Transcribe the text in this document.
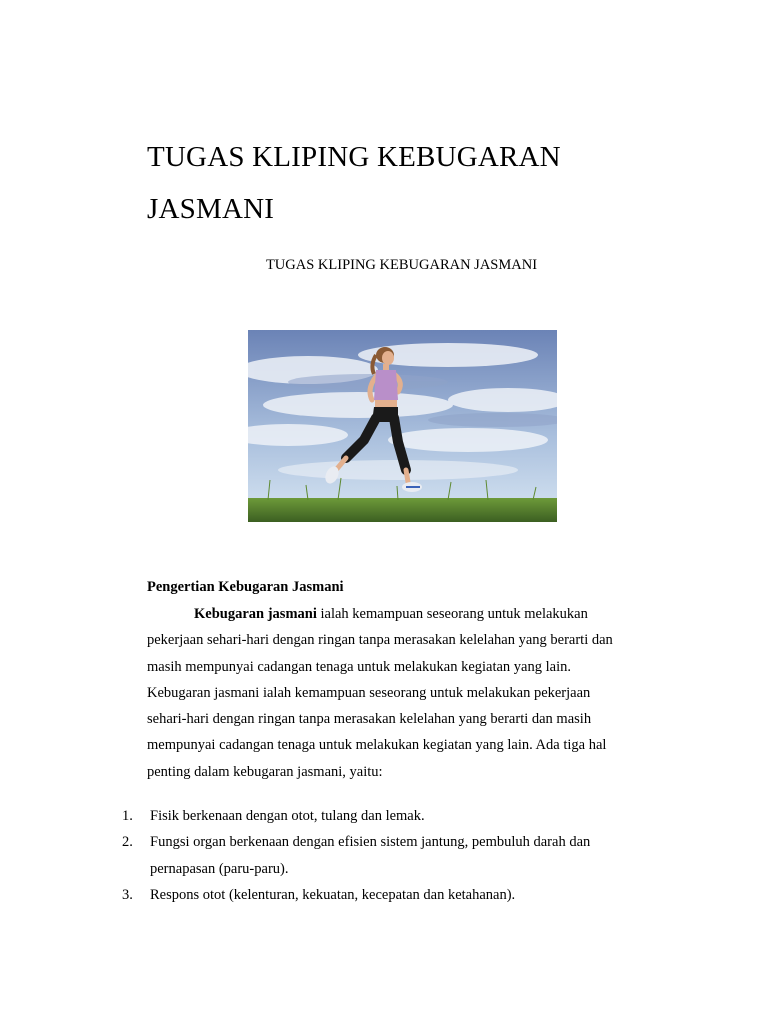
TUGAS KLIPING KEBUGARAN
JASMANI
TUGAS KLIPING KEBUGARAN JASMANI
Pengertian Kebugaran Jasmani
Kebugaran jasmani ialah kemampuan seseorang untuk melakukan
pekerjaan sehari-hari dengan ringan tanpa merasakan kelelahan yang berarti dan
masih mempunyai cadangan tenaga untuk melakukan kegiatan yang lain.
Kebugaran jasmani ialah kemampuan seseorang untuk melakukan pekerjaan
sehari-hari dengan ringan tanpa merasakan kelelahan yang berarti dan masih
mempunyai cadangan tenaga untuk melakukan kegiatan yang lain. Ada tiga hal
penting dalam kebugaran jasmani, yaitu:
1. Fisik berkenaan dengan otot, tulang dan lemak.
2. Fungsi organ berkenaan dengan efisien sistem jantung, pembuluh darah dan
pernapasan (paru-paru).
3. Respons otot (kelenturan, kekuatan, kecepatan dan ketahanan).
